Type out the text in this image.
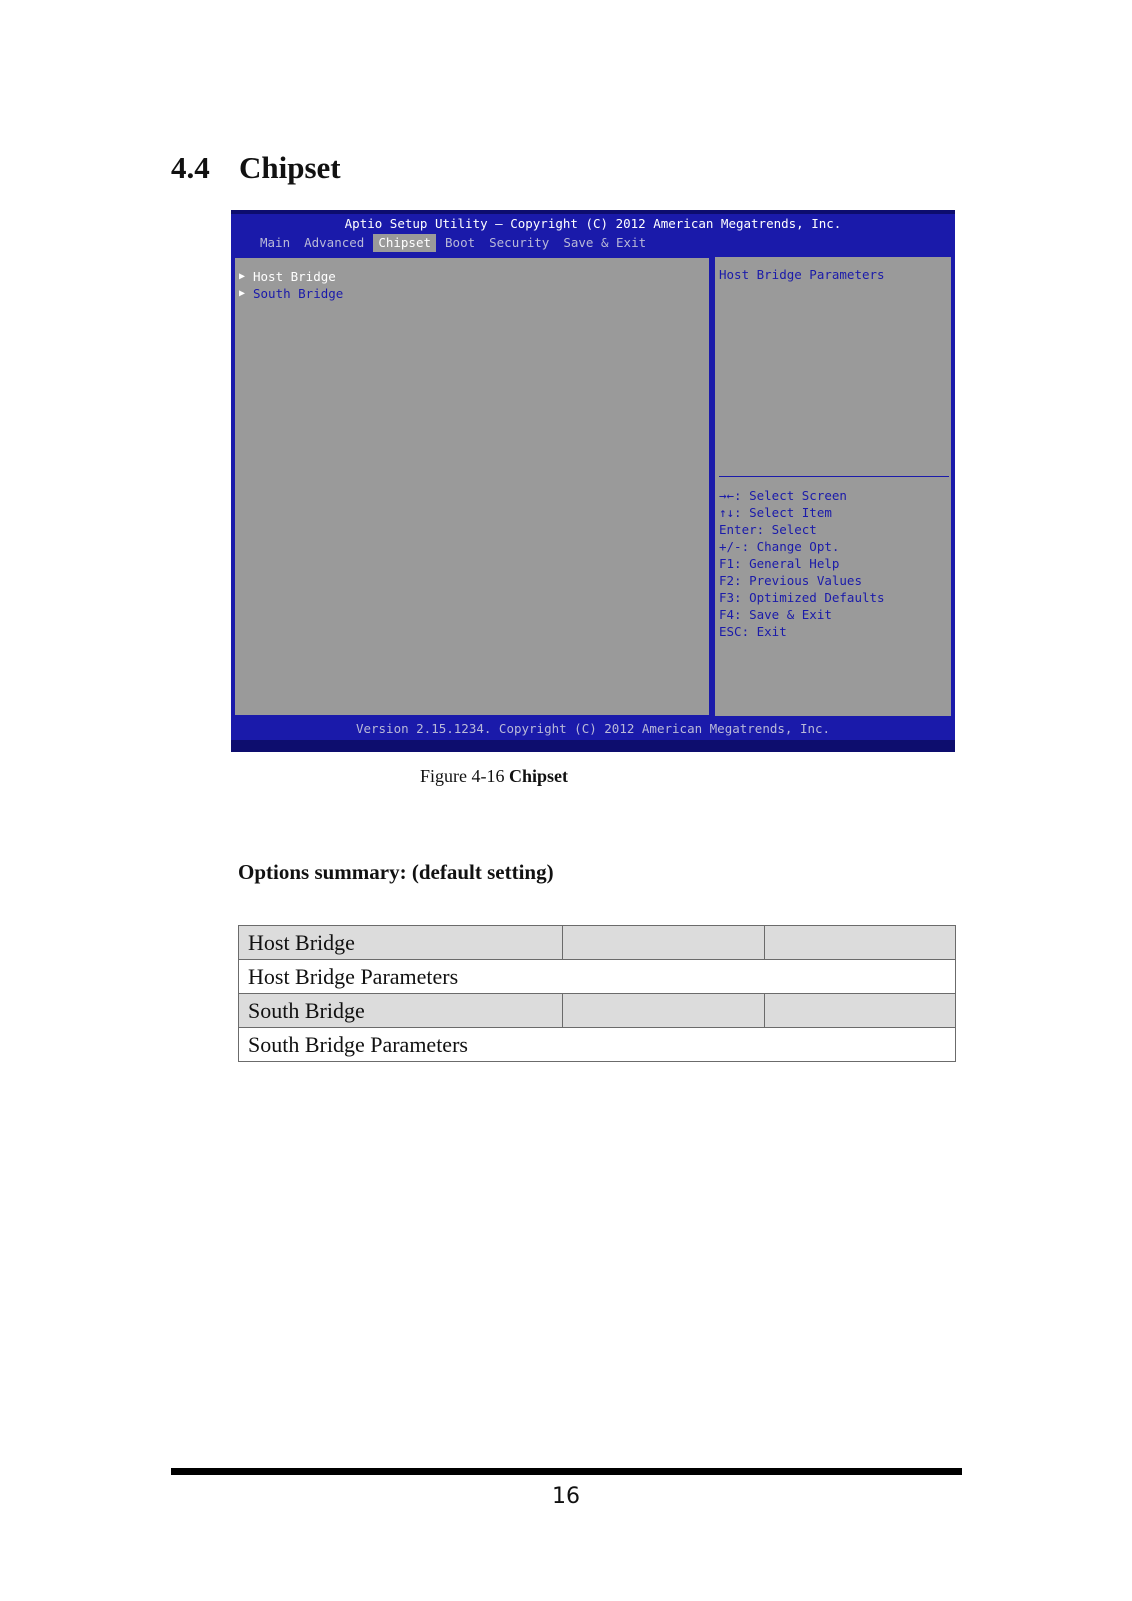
4.4 Chipset
Aptio Setup Utility – Copyright (C) 2012 American Megatrends, Inc.
Main	Advanced	Chipset	Boot	Security	Save & Exit
▶ Host Bridge
▶ South Bridge
Host Bridge Parameters
→←: Select Screen
↑↓: Select Item
Enter: Select
+/-: Change Opt.
F1: General Help
F2: Previous Values
F3: Optimized Defaults
F4: Save & Exit
ESC: Exit
Version 2.15.1234. Copyright (C) 2012 American Megatrends, Inc.
Figure 4-16 Chipset
Options summary: (default setting)
Host Bridge		
Host Bridge Parameters		
South Bridge		
South Bridge Parameters		
16
